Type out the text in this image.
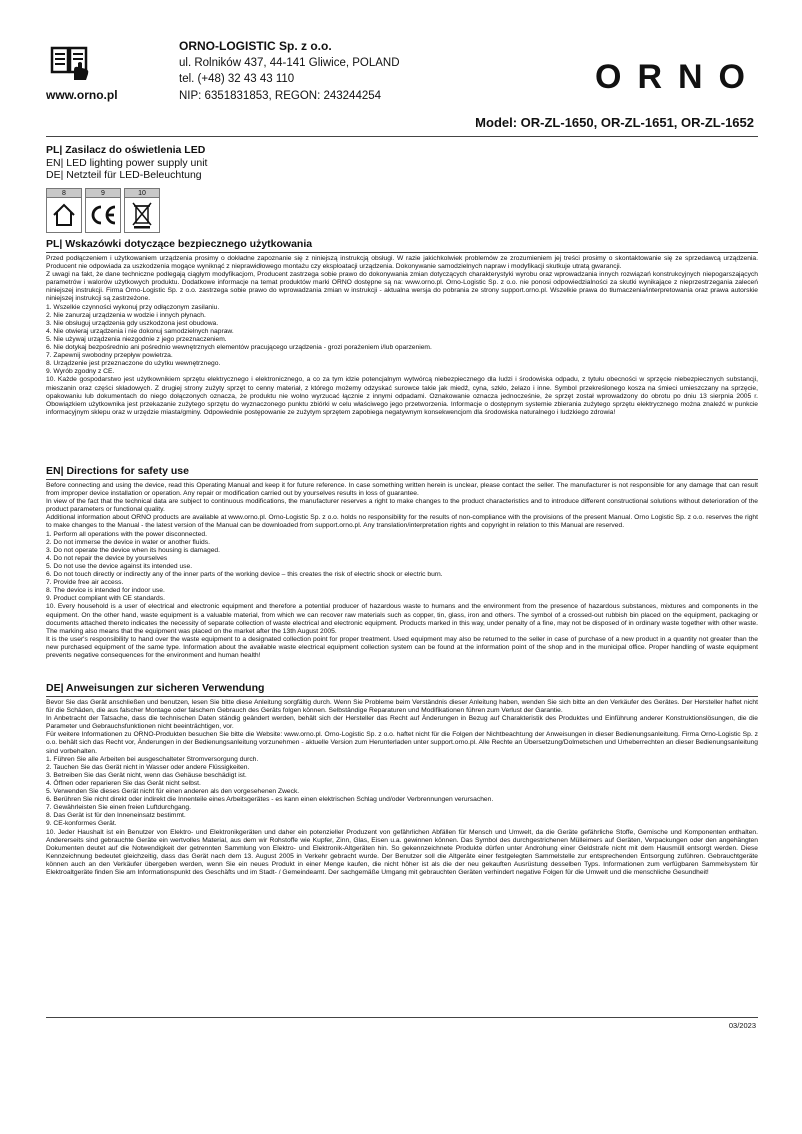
www.orno.pl
ORNO-LOGISTIC Sp. z o.o.
ul. Rolników 437, 44-141 Gliwice, POLAND
tel. (+48) 32 43 43 110
NIP: 6351831853, REGON: 243244254	ORNO
Model: OR-ZL-1650, OR-ZL-1651, OR-ZL-1652
PL| Zasilacz do oświetlenia LED
EN| LED lighting power supply unit
DE| Netzteil für LED-Beleuchtung
8	9	10
PL| Wskazówki dotyczące bezpiecznego użytkowania

Przed podłączeniem i użytkowaniem urządzenia prosimy o dokładne zapoznanie się z niniejszą instrukcją obsługi. W razie jakichkolwiek problemów ze zrozumieniem jej treści prosimy o skontaktowanie się ze sprzedawcą urządzenia. Producent nie odpowiada za uszkodzenia mogące wyniknąć z nieprawidłowego montażu czy eksploatacji urządzenia. Dokonywanie samodzielnych napraw i modyfikacji skutkuje utratą gwarancji.

Z uwagi na fakt, że dane techniczne podlegają ciągłym modyfikacjom, Producent zastrzega sobie prawo do dokonywania zmian dotyczących charakterystyki wyrobu oraz wprowadzania innych rozwiązań konstrukcyjnych niepogarszających parametrów i walorów użytkowych produktu. Dodatkowe informacje na temat produktów marki ORNO dostępne są na: www.orno.pl. Orno-Logistic Sp. z o.o. nie ponosi odpowiedzialności za skutki wynikające z nieprzestrzegania zaleceń niniejszej instrukcji. Firma Orno-Logistic Sp. z o.o. zastrzega sobie prawo do wprowadzania zmian w instrukcji - aktualna wersja do pobrania ze strony support.orno.pl. Wszelkie prawa do tłumaczenia/interpretowania oraz prawa autorskie niniejszej instrukcji są zastrzeżone.

1. Wszelkie czynności wykonuj przy odłączonym zasilaniu.

2. Nie zanurzaj urządzenia w wodzie i innych płynach.

3. Nie obsługuj urządzenia gdy uszkodzona jest obudowa.

4. Nie otwieraj urządzenia i nie dokonuj samodzielnych napraw.

5. Nie używaj urządzenia niezgodnie z jego przeznaczeniem.

6. Nie dotykaj bezpośrednio ani pośrednio wewnętrznych elementów pracującego urządzenia - grozi porażeniem i/lub oparzeniem.

7. Zapewnij swobodny przepływ powietrza.

8. Urządzenie jest przeznaczone do użytku wewnętrznego.

9. Wyrób zgodny z CE.

10. Każde gospodarstwo jest użytkownikiem sprzętu elektrycznego i elektronicznego, a co za tym idzie potencjalnym wytwórcą niebezpiecznego dla ludzi i środowiska odpadu, z tytułu obecności w sprzęcie niebezpiecznych substancji, mieszanin oraz części składowych. Z drugiej strony zużyty sprzęt to cenny materiał, z którego możemy odzyskać surowce takie jak miedź, cyna, szkło, żelazo i inne. Symbol przekreślonego kosza na śmieci umieszczany na sprzęcie, opakowaniu lub dokumentach do niego dołączonych oznacza, że produktu nie wolno wyrzucać łącznie z innymi odpadami. Oznakowanie oznacza jednocześnie, że sprzęt został wprowadzony do obrotu po dniu 13 sierpnia 2005 r. Obowiązkiem użytkownika jest przekazanie zużytego sprzętu do wyznaczonego punktu zbiórki w celu właściwego jego przetworzenia. Informacje o dostępnym systemie zbierania zużytego sprzętu elektrycznego można znaleźć w punkcie informacyjnym sklepu oraz w urzędzie miasta/gminy. Odpowiednie postępowanie ze zużytym sprzętem zapobiega negatywnym konsekwencjom dla środowiska naturalnego i ludzkiego zdrowia!

EN| Directions for safety use

Before connecting and using the device, read this Operating Manual and keep it for future reference. In case something written herein is unclear, please contact the seller. The manufacturer is not responsible for any damage that can result from improper device installation or operation. Any repair or modification carried out by yourselves results in loss of guarantee.

In view of the fact that the technical data are subject to continuous modifications, the manufacturer reserves a right to make changes to the product characteristics and to introduce different constructional solutions without deterioration of the product parameters or functional quality.

Additional information about ORNO products are available at www.orno.pl. Orno-Logistic Sp. z o.o. holds no responsibility for the results of non-compliance with the provisions of the present Manual. Orno Logistic Sp. z o.o. reserves the right to make changes to the Manual - the latest version of the Manual can be downloaded from support.orno.pl. Any translation/interpretation rights and copyright in relation to this Manual are reserved.

1. Perform all operations with the power disconnected.

2. Do not immerse the device in water or another fluids.

3. Do not operate the device when its housing is damaged.

4. Do not repair the device by yourselves

5. Do not use the device against its intended use.

6. Do not touch directly or indirectly any of the inner parts of the working device – this creates the risk of electric shock or electric burn.

7. Provide free air access.

8. The device is intended for indoor use.

9. Product compliant with CE standards.

10. Every household is a user of electrical and electronic equipment and therefore a potential producer of hazardous waste to humans and the environment from the presence of hazardous substances, mixtures and components in the equipment. On the other hand, waste equipment is a valuable material, from which we can recover raw materials such as copper, tin, glass, iron and others. The symbol of a crossed-out rubbish bin placed on the equipment, packaging or documents attached thereto indicates the necessity of separate collection of waste electrical and electronic equipment. Products marked in this way, under penalty of a fine, may not be disposed of in ordinary waste together with other waste. The marking also means that the equipment was placed on the market after the 13th August 2005.

It is the user's responsibility to hand over the waste equipment to a designated collection point for proper treatment. Used equipment may also be returned to the seller in case of purchase of a new product in a quantity not greater than the new purchased equipment of the same type. Information about the available waste electrical equipment collection system can be found at the information point of the shop and in the municipal office. Proper handling of waste equipment prevents negative consequences for the environment and human health!

DE| Anweisungen zur sicheren Verwendung

Bevor Sie das Gerät anschließen und benutzen, lesen Sie bitte diese Anleitung sorgfältig durch. Wenn Sie Probleme beim Verständnis dieser Anleitung haben, wenden Sie sich bitte an den Verkäufer des Gerätes. Der Hersteller haftet nicht für die Schäden, die aus falscher Montage oder falschem Gebrauch des Geräts folgen können. Selbständige Reparaturen und Modifikationen führen zum Verlust der Garantie.

In Anbetracht der Tatsache, dass die technischen Daten ständig geändert werden, behält sich der Hersteller das Recht auf Änderungen in Bezug auf Charakteristik des Produktes und Einführung anderer Konstruktionslösungen, die die Parameter und Gebrauchsfunktionen nicht beeinträchtigen, vor.

Für weitere Informationen zu ORNO-Produkten besuchen Sie bitte die Website: www.orno.pl. Orno-Logistic Sp. z o.o. haftet nicht für die Folgen der Nichtbeachtung der Anweisungen in dieser Bedienungsanleitung. Firma Orno-Logistic Sp. z o.o. behält sich das Recht vor, Änderungen in der Bedienungsanleitung vorzunehmen - aktuelle Version zum Herunterladen unter support.orno.pl. Alle Rechte an Übersetzung/Dolmetschen und Urheberrechten an dieser Bedienungsanleitung sind vorbehalten.

1. Führen Sie alle Arbeiten bei ausgeschalteter Stromversorgung durch.

2. Tauchen Sie das Gerät nicht in Wasser oder andere Flüssigkeiten.

3. Betreiben Sie das Gerät nicht, wenn das Gehäuse beschädigt ist.

4. Öffnen oder reparieren Sie das Gerät nicht selbst.

5. Verwenden Sie dieses Gerät nicht für einen anderen als den vorgesehenen Zweck.

6. Berühren Sie nicht direkt oder indirekt die Innenteile eines Arbeitsgerätes - es kann einen elektrischen Schlag und/oder Verbrennungen verursachen.

7. Gewährleisten Sie einen freien Luftdurchgang.

8. Das Gerät ist für den Inneneinsatz bestimmt.

9. CE-konformes Gerät.

10. Jeder Haushalt ist ein Benutzer von Elektro- und Elektronikgeräten und daher ein potenzieller Produzent von gefährlichen Abfällen für Mensch und Umwelt, da die Geräte gefährliche Stoffe, Gemische und Komponenten enthalten. Andererseits sind gebrauchte Geräte ein wertvolles Material, aus dem wir Rohstoffe wie Kupfer, Zinn, Glas, Eisen u.a. gewinnen können. Das Symbol des durchgestrichenen Mülleimers auf Geräten, Verpackungen oder den angehängten Dokumenten deutet auf die Notwendigkeit der getrennten Sammlung von Elektro- und Elektronik-Altgeräten hin. So gekennzeichnete Produkte dürfen unter Androhung einer Geldstrafe nicht mit dem Hausmüll entsorgt werden. Diese Kennzeichnung bedeutet gleichzeitig, dass das Gerät nach dem 13. August 2005 in Verkehr gebracht wurde. Der Benutzer soll die Altgeräte einer festgelegten Sammelstelle zur entsprechenden Entsorgung zuführen. Gebrauchtgeräte können auch an den Verkäufer übergeben werden, wenn Sie ein neues Produkt in einer Menge kaufen, die nicht höher ist als die der neu gekauften Ausrüstung desselben Typs. Informationen zum verfügbaren Sammelsystem für Elektroaltgeräte finden Sie am Informationspunkt des Geschäfts und im Stadt- / Gemeindeamt. Der sachgemäße Umgang mit gebrauchten Geräten verhindert negative Folgen für die Umwelt und die menschliche Gesundheit!

03/2023
